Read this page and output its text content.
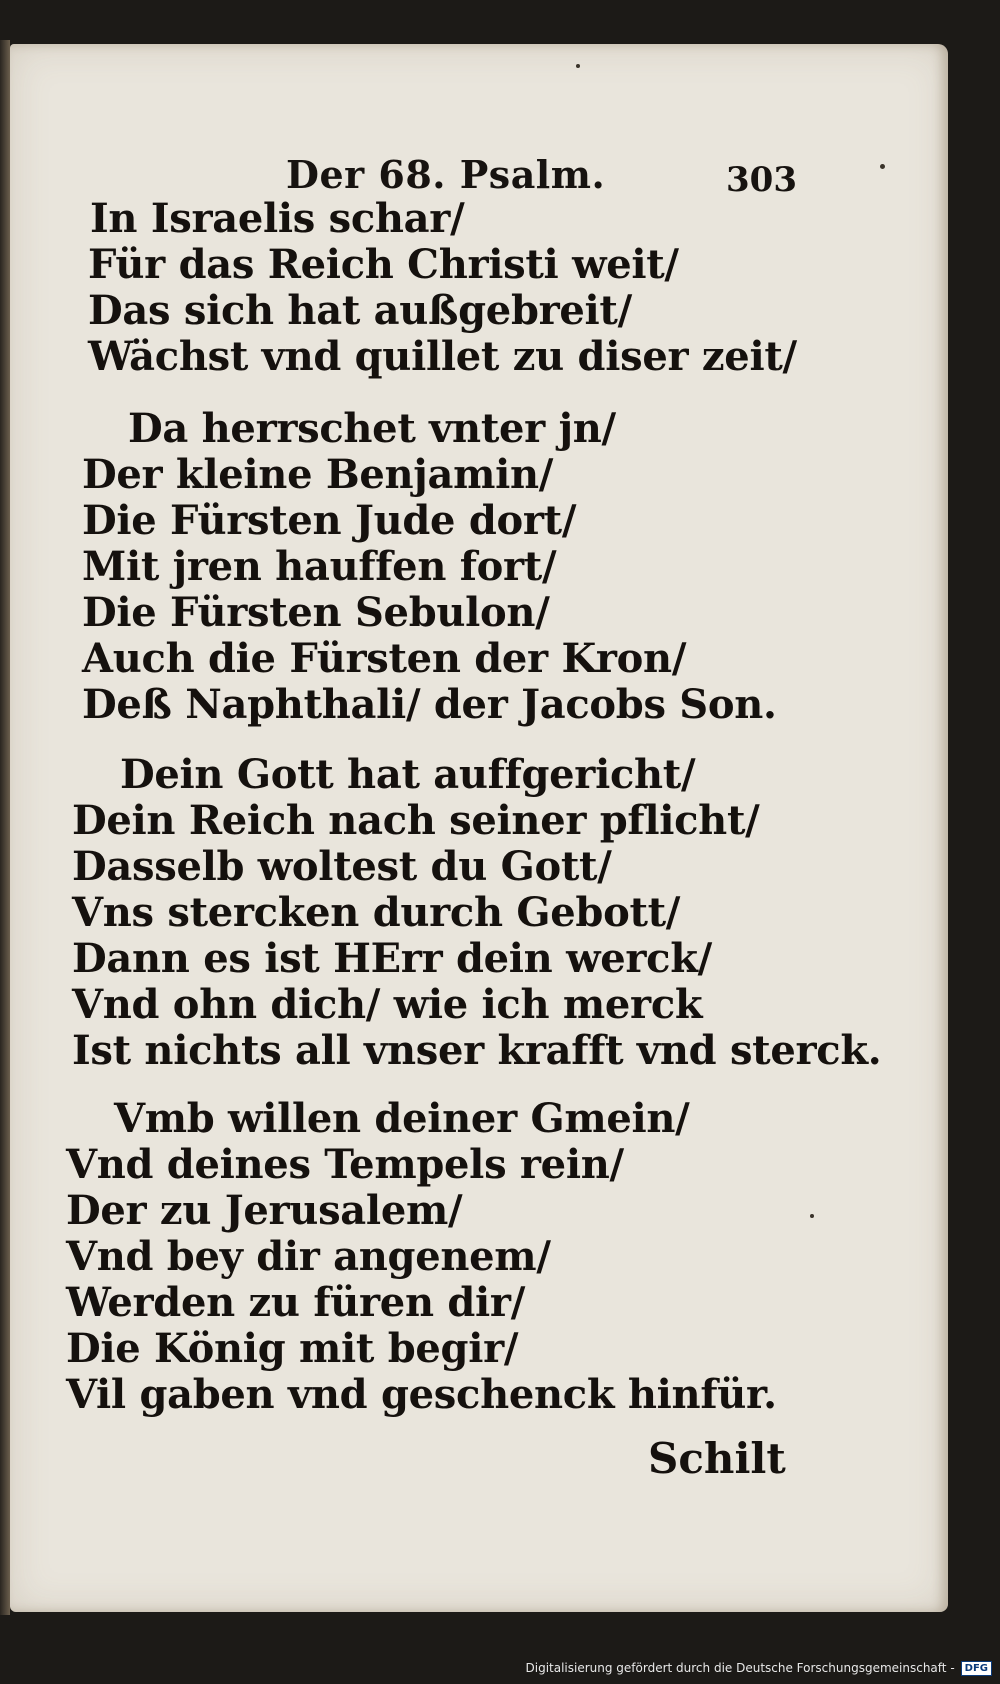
Der 68. Psalm.	303
In Israelis schar/
Für das Reich Christi weit/
Das sich hat außgebreit/
Wächst vnd quillet zu diser zeit/
Da herrschet vnter jn/
Der kleine Benjamin/
Die Fürsten Jude dort/
Mit jren hauffen fort/
Die Fürsten Sebulon/
Auch die Fürsten der Kron/
Deß Naphthali/ der Jacobs Son.
Dein Gott hat auffgericht/
Dein Reich nach seiner pflicht/
Dasselb woltest du Gott/
Vns stercken durch Gebott/
Dann es ist HErr dein werck/
Vnd ohn dich/ wie ich merck
Ist nichts all vnser krafft vnd sterck.
Vmb willen deiner Gmein/
Vnd deines Tempels rein/
Der zu Jerusalem/
Vnd bey dir angenem/
Werden zu füren dir/
Die König mit begir/
Vil gaben vnd geschenck hinfür.
Schilt
Digitalisierung gefördert durch die Deutsche Forschungsgemeinschaft -	DFG
